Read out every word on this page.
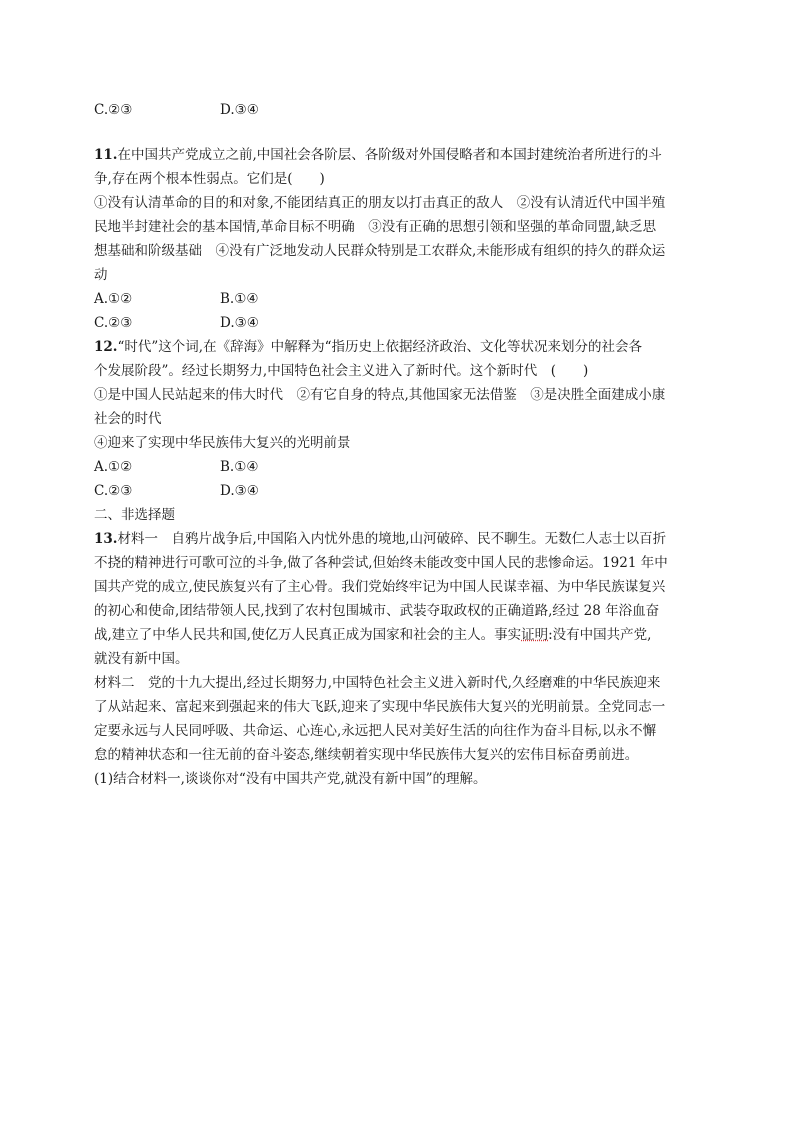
C.②③	D.③④
11.在中国共产党成立之前,中国社会各阶层、各阶级对外国侵略者和本国封建统治者所进行的斗
争,存在两个根本性弱点。它们是(　　)
①没有认清革命的目的和对象,不能团结真正的朋友以打击真正的敌人　②没有认清近代中国半殖
民地半封建社会的基本国情,革命目标不明确　③没有正确的思想引领和坚强的革命同盟,缺乏思
想基础和阶级基础　④没有广泛地发动人民群众特别是工农群众,未能形成有组织的持久的群众运
动
A.①②	B.①④
C.②③	D.③④
12.“时代”这个词,在《辞海》中解释为“指历史上依据经济政治、文化等状况来划分的社会各
个发展阶段”。经过长期努力,中国特色社会主义进入了新时代。这个新时代　(　　)
①是中国人民站起来的伟大时代　②有它自身的特点,其他国家无法借鉴　③是决胜全面建成小康
社会的时代
④迎来了实现中华民族伟大复兴的光明前景
A.①②	B.①④
C.②③	D.③④
二、非选择题
13.材料一　自鸦片战争后,中国陷入内忧外患的境地,山河破碎、民不聊生。无数仁人志士以百折
不挠的精神进行可歌可泣的斗争,做了各种尝试,但始终未能改变中国人民的悲惨命运。1921 年中
国共产党的成立,使民族复兴有了主心骨。我们党始终牢记为中国人民谋幸福、为中华民族谋复兴
的初心和使命,团结带领人民,找到了农村包围城市、武装夺取政权的正确道路,经过 28 年浴血奋
战,建立了中华人民共和国,使亿万人民真正成为国家和社会的主人。事实证明:没有中国共产党,
就没有新中国。
材料二　党的十九大提出,经过长期努力,中国特色社会主义进入新时代,久经磨难的中华民族迎来
了从站起来、富起来到强起来的伟大飞跃,迎来了实现中华民族伟大复兴的光明前景。全党同志一
定要永远与人民同呼吸、共命运、心连心,永远把人民对美好生活的向往作为奋斗目标,以永不懈
怠的精神状态和一往无前的奋斗姿态,继续朝着实现中华民族伟大复兴的宏伟目标奋勇前进。
(1)结合材料一,谈谈你对“没有中国共产党,就没有新中国”的理解。
